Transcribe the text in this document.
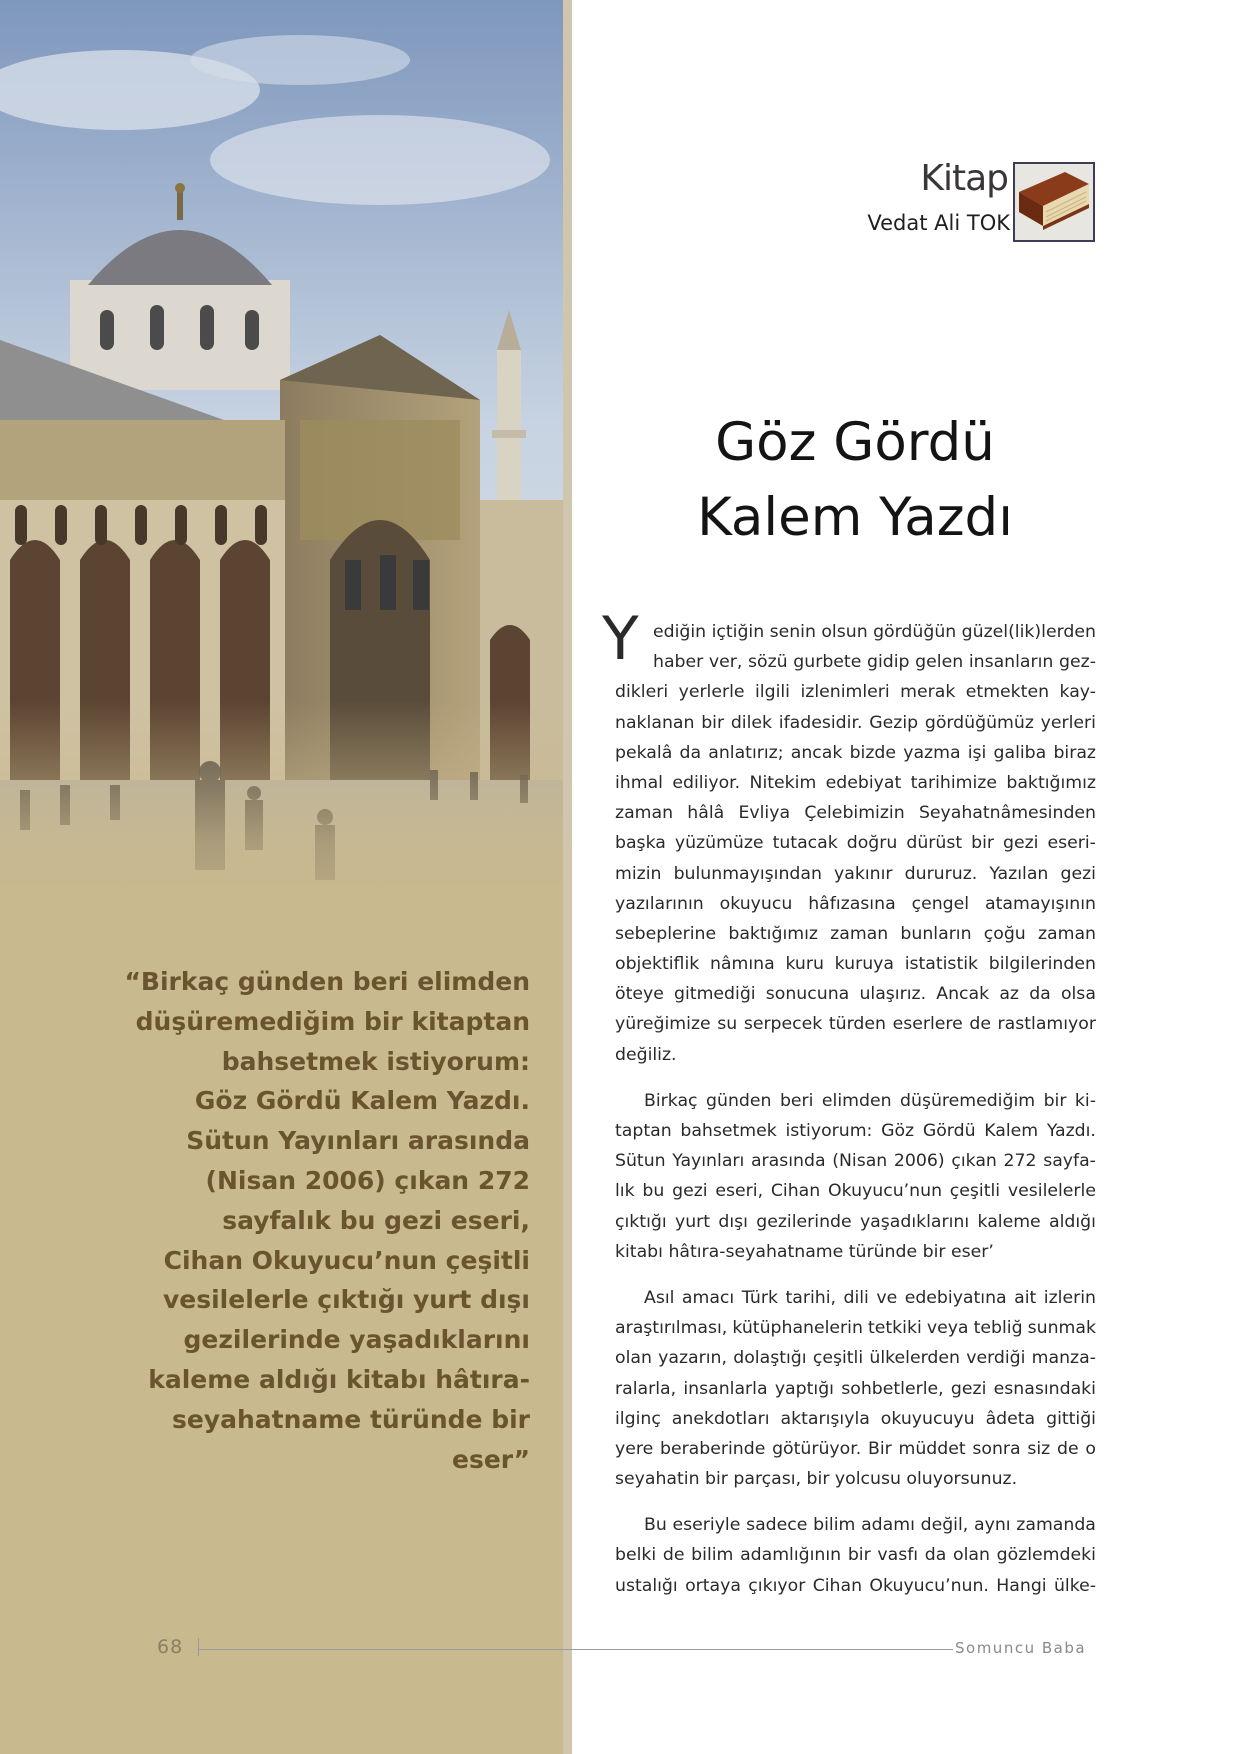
“Birkaç günden beri elimden
düşüremediğim bir kitaptan
bahsetmek istiyorum:
Göz Gördü Kalem Yazdı.
Sütun Yayınları arasında
(Nisan 2006) çıkan 272
sayfalık bu gezi eseri,
Cihan Okuyucu’nun çeşitli
vesilelerle çıktığı yurt dışı
gezilerinde yaşadıklarını
kaleme aldığı kitabı hâtıra-
seyahatname türünde bir
eser”
Kitap
Vedat Ali TOK
Göz Gördü
Kalem Yazdı
Y ediğin içtiğin senin olsun gördüğün güzel(lik)lerden
haber ver, sözü gurbete gidip gelen insanların gez-
dikleri yerlerle ilgili izlenimleri merak etmekten kay-
naklanan bir dilek ifadesidir. Gezip gördüğümüz yerleri
pekalâ da anlatırız; ancak bizde yazma işi galiba biraz
ihmal ediliyor. Nitekim edebiyat tarihimize baktığımız
zaman hâlâ Evliya Çelebimizin Seyahatnâmesinden
başka yüzümüze tutacak doğru dürüst bir gezi eseri-
mizin bulunmayışından yakınır dururuz. Yazılan gezi
yazılarının okuyucu hâfızasına çengel atamayışının
sebeplerine baktığımız zaman bunların çoğu zaman
objektiflik nâmına kuru kuruya istatistik bilgilerinden
öteye gitmediği sonucuna ulaşırız. Ancak az da olsa
yüreğimize su serpecek türden eserlere de rastlamıyor
değiliz.
Birkaç günden beri elimden düşüremediğim bir ki-
taptan bahsetmek istiyorum: Göz Gördü Kalem Yazdı.
Sütun Yayınları arasında (Nisan 2006) çıkan 272 sayfa-
lık bu gezi eseri, Cihan Okuyucu’nun çeşitli vesilelerle
çıktığı yurt dışı gezilerinde yaşadıklarını kaleme aldığı
kitabı hâtıra-seyahatname türünde bir eser’
Asıl amacı Türk tarihi, dili ve edebiyatına ait izlerin
araştırılması, kütüphanelerin tetkiki veya tebliğ sunmak
olan yazarın, dolaştığı çeşitli ülkelerden verdiği manza-
ralarla, insanlarla yaptığı sohbetlerle, gezi esnasındaki
ilginç anekdotları aktarışıyla okuyucuyu âdeta gittiği
yere beraberinde götürüyor. Bir müddet sonra siz de o
seyahatin bir parçası, bir yolcusu oluyorsunuz.
Bu eseriyle sadece bilim adamı değil, aynı zamanda
belki de bilim adamlığının bir vasfı da olan gözlemdeki
ustalığı ortaya çıkıyor Cihan Okuyucu’nun. Hangi ülke-
68	Somuncu Baba
